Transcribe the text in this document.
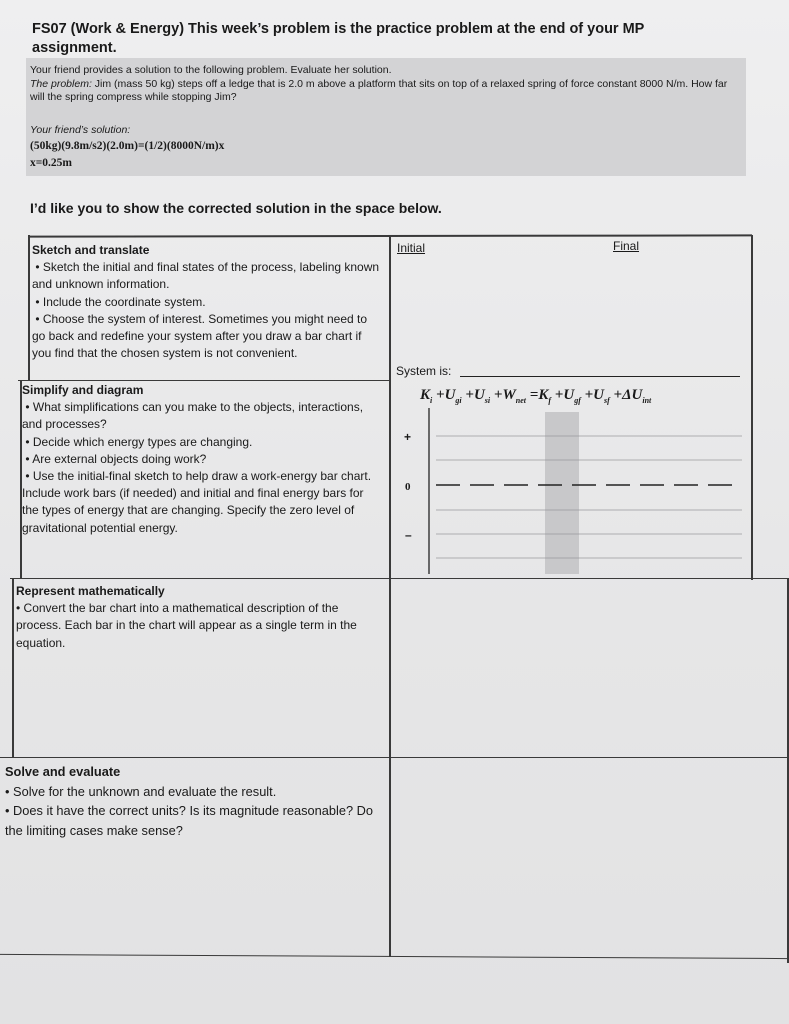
FS07 (Work & Energy) This week’s problem is the practice problem at the end of your MP assignment.
Your friend provides a solution to the following problem. Evaluate her solution.
The problem: Jim (mass 50 kg) steps off a ledge that is 2.0 m above a platform that sits on top of a relaxed spring of force constant 8000 N/m. How far will the spring compress while stopping Jim?
Your friend’s solution:
(50kg)(9.8m/s2)(2.0m)=(1/2)(8000N/m)x
x=0.25m
I’d like you to show the corrected solution in the space below.
Sketch and translate
• Sketch the initial and final states of the process, labeling known and unknown information.
• Include the coordinate system.
• Choose the system of interest. Sometimes you might need to go back and redefine your system after you draw a bar chart if you find that the chosen system is not convenient.
Simplify and diagram
• What simplifications can you make to the objects, interactions, and processes?
• Decide which energy types are changing.
• Are external objects doing work?
• Use the initial-final sketch to help draw a work-energy bar chart. Include work bars (if needed) and initial and final energy bars for the types of energy that are changing. Specify the zero level of gravitational potential energy.
Represent mathematically
• Convert the bar chart into a mathematical description of the process. Each bar in the chart will appear as a single term in the equation.
Solve and evaluate
• Solve for the unknown and evaluate the result.
• Does it have the correct units? Is its magnitude reasonable? Do the limiting cases make sense?
Initial	Final
System is:
$K_i +U_{gi} +U_{si} +W_{net} =K_f +U_{gf} +U_{sf} +\Delta U_{int}$
+
0
–
